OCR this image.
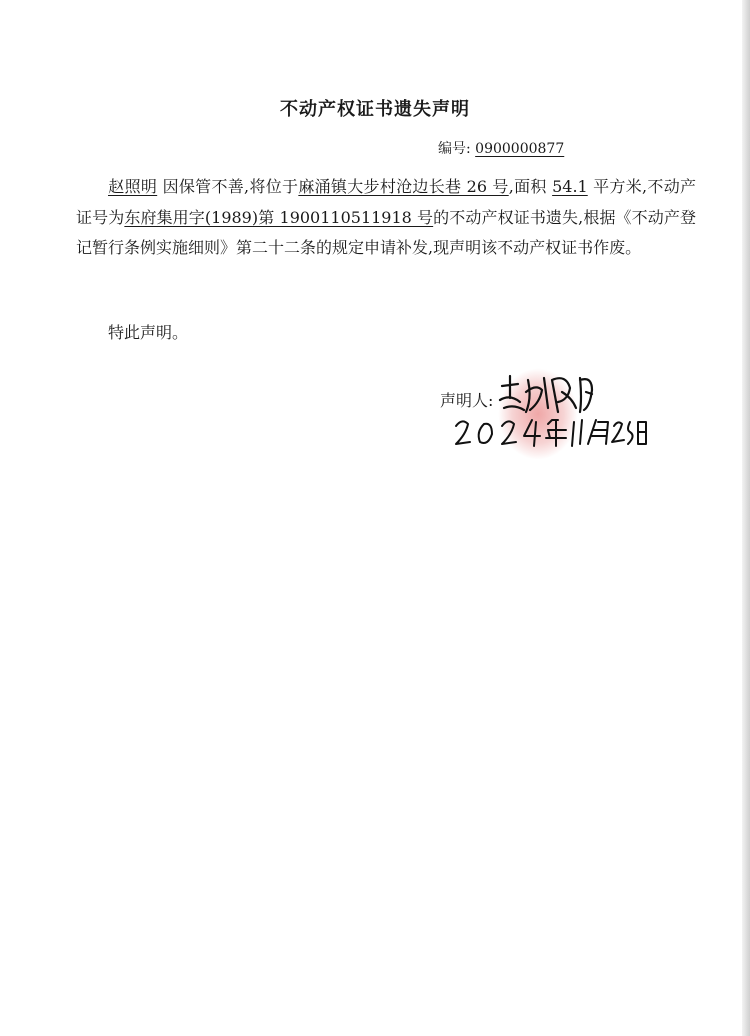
不动产权证书遗失声明
编号: 0900000877
赵照明 因保管不善,将位于麻涌镇大步村沧边长巷 26 号,面积 54.1 平方米,不动产证号为东府集用字(1989)第 1900110511918 号的不动产权证书遗失,根据《不动产登记暂行条例实施细则》第二十二条的规定申请补发,现声明该不动产权证书作废。
特此声明。
声明人:
